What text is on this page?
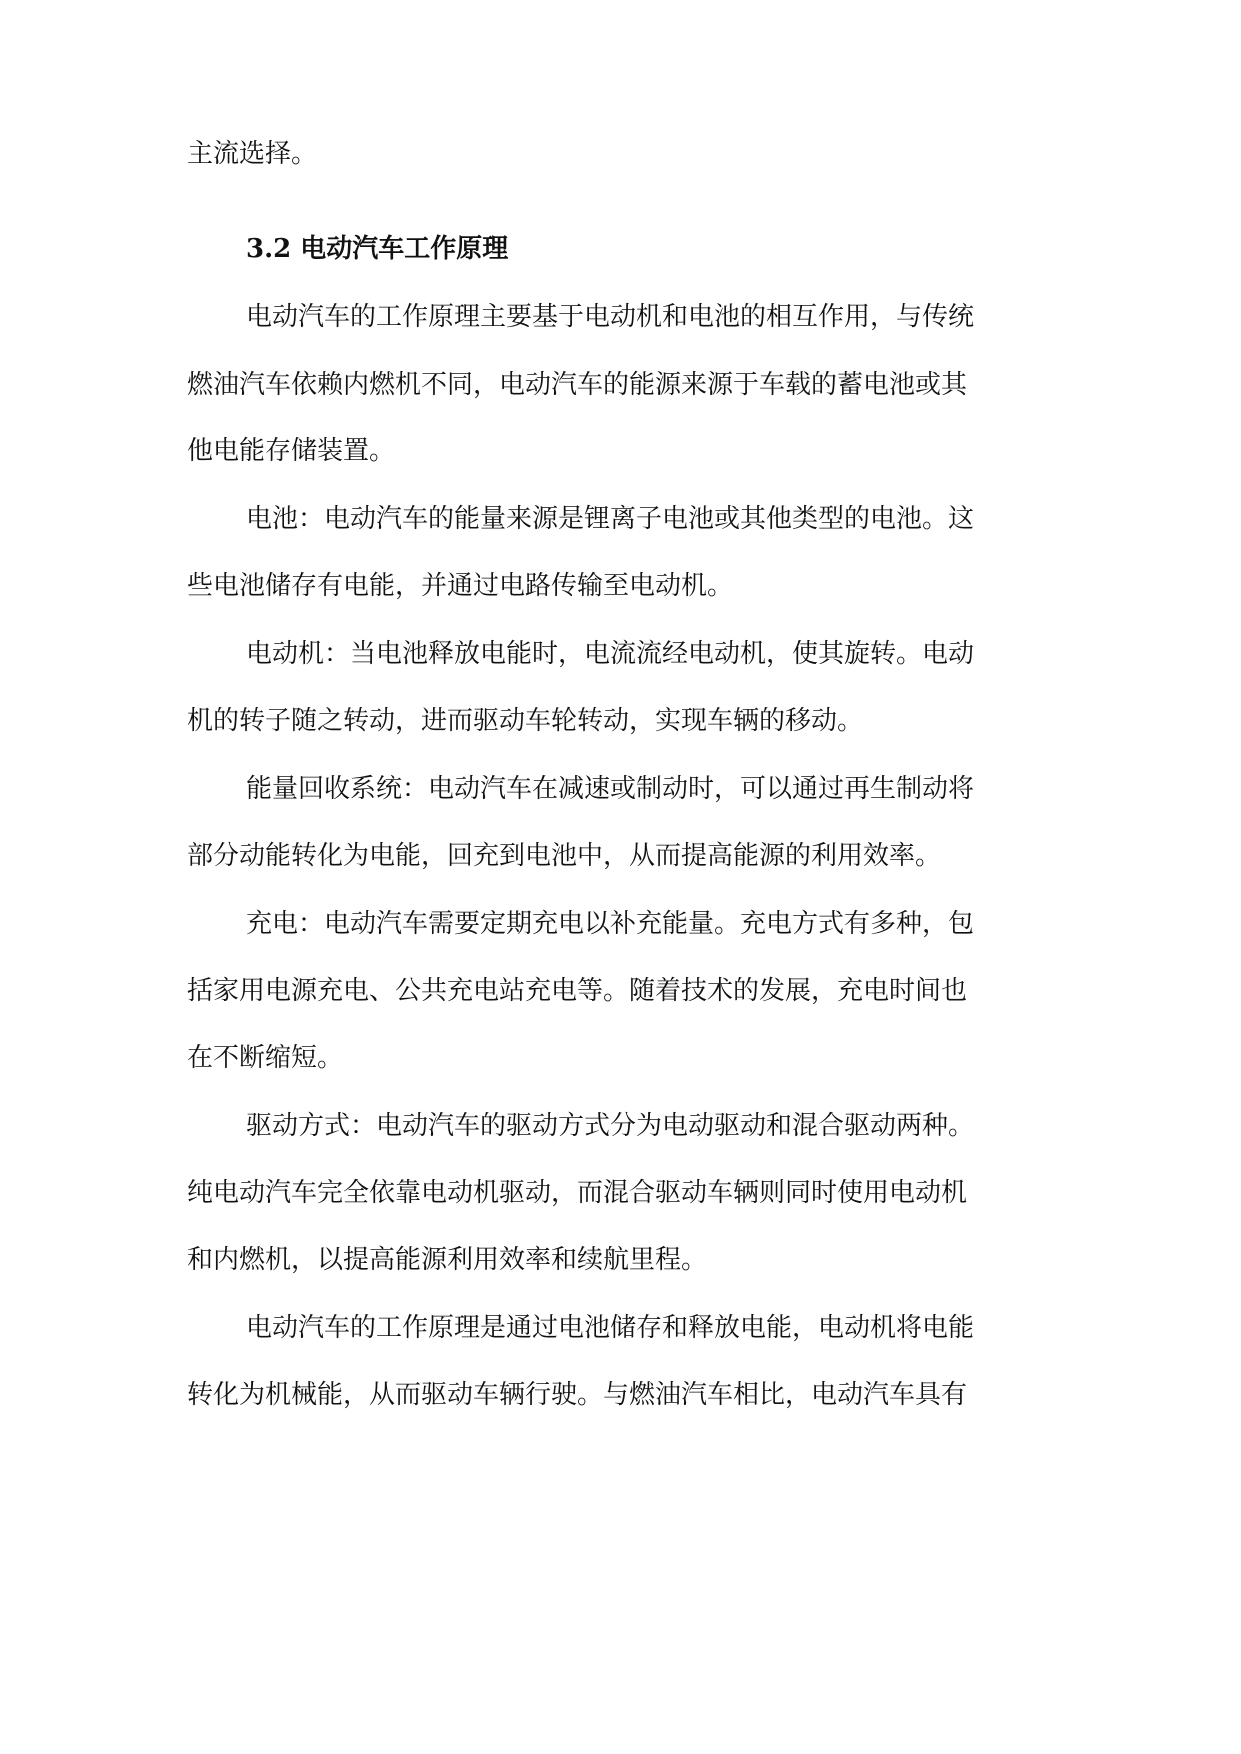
主流选择。
3.2 电动汽车工作原理
电动汽车的工作原理主要基于电动机和电池的相互作用，与传统
燃油汽车依赖内燃机不同，电动汽车的能源来源于车载的蓄电池或其
他电能存储装置。
电池：电动汽车的能量来源是锂离子电池或其他类型的电池。这
些电池储存有电能，并通过电路传输至电动机。
电动机：当电池释放电能时，电流流经电动机，使其旋转。电动
机的转子随之转动，进而驱动车轮转动，实现车辆的移动。
能量回收系统：电动汽车在减速或制动时，可以通过再生制动将
部分动能转化为电能，回充到电池中，从而提高能源的利用效率。
充电：电动汽车需要定期充电以补充能量。充电方式有多种，包
括家用电源充电、公共充电站充电等。随着技术的发展，充电时间也
在不断缩短。
驱动方式：电动汽车的驱动方式分为电动驱动和混合驱动两种。
纯电动汽车完全依靠电动机驱动，而混合驱动车辆则同时使用电动机
和内燃机，以提高能源利用效率和续航里程。
电动汽车的工作原理是通过电池储存和释放电能，电动机将电能
转化为机械能，从而驱动车辆行驶。与燃油汽车相比，电动汽车具有
